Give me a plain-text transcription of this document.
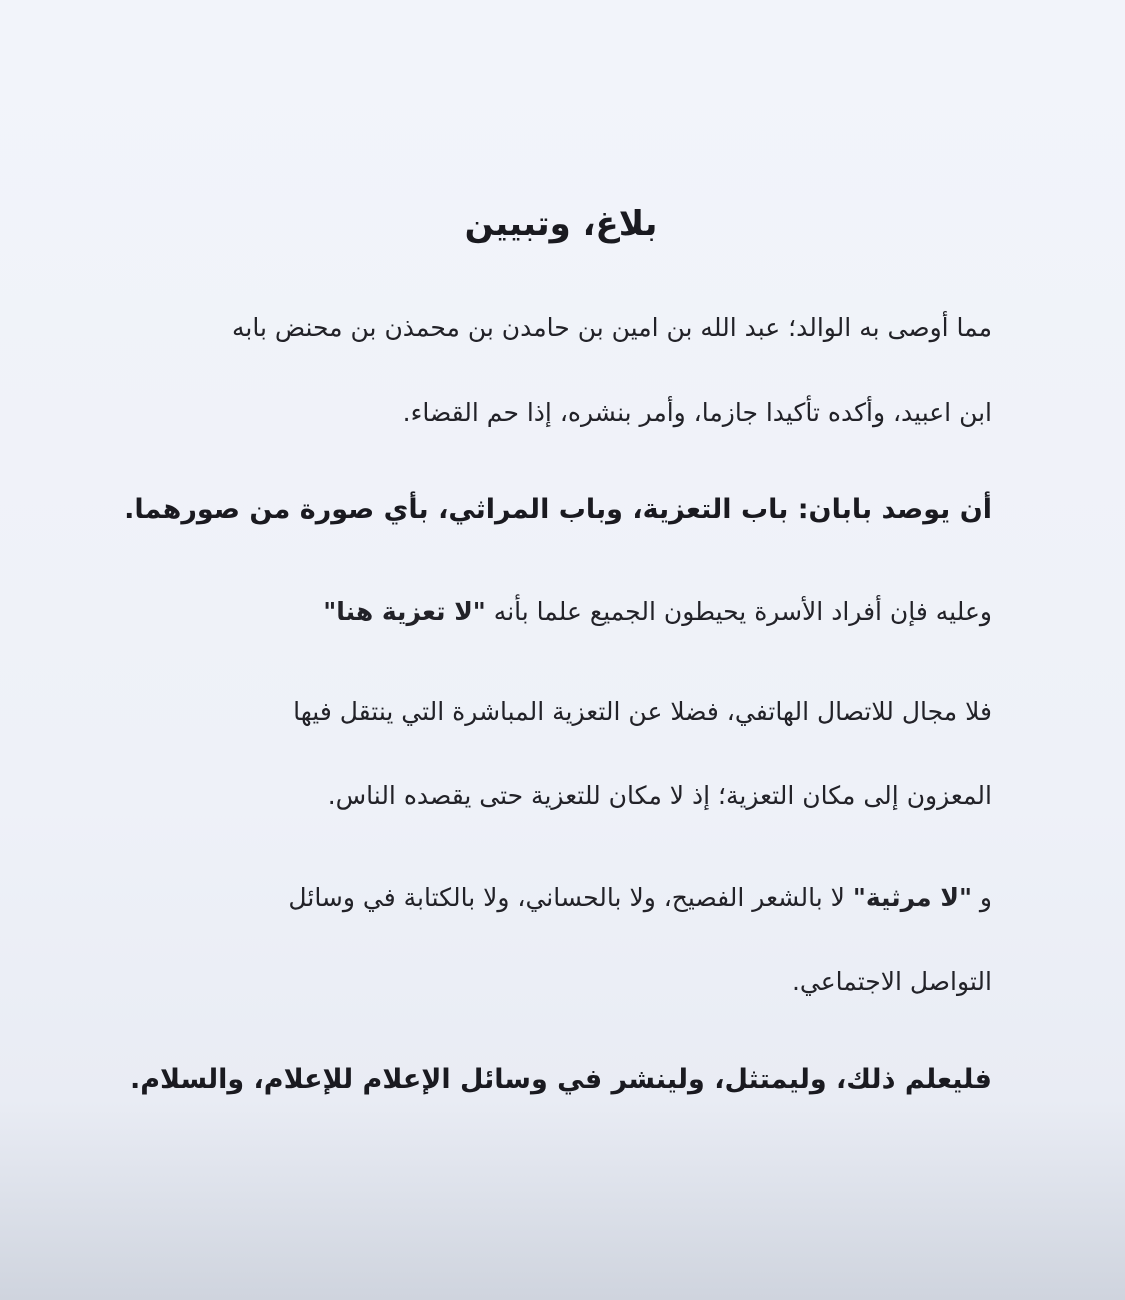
بلاغ، وتبيين

مما أوصى به الوالد؛ عبد الله بن امين بن حامدن بن محمذن بن محنض بابه

ابن اعبيد، وأكده تأكيدا جازما، وأمر بنشره، إذا حم القضاء.

أن يوصد بابان: باب التعزية، وباب المراثي، بأي صورة من صورهما.

وعليه فإن أفراد الأسرة يحيطون الجميع علما بأنه "لا تعزية هنا"

فلا مجال للاتصال الهاتفي، فضلا عن التعزية المباشرة التي ينتقل فيها

المعزون إلى مكان التعزية؛ إذ لا مكان للتعزية حتى يقصده الناس.

و "لا مرثية" لا بالشعر الفصيح، ولا بالحساني، ولا بالكتابة في وسائل

التواصل الاجتماعي.

فليعلم ذلك، وليمتثل، ولينشر في وسائل الإعلام للإعلام، والسلام.
